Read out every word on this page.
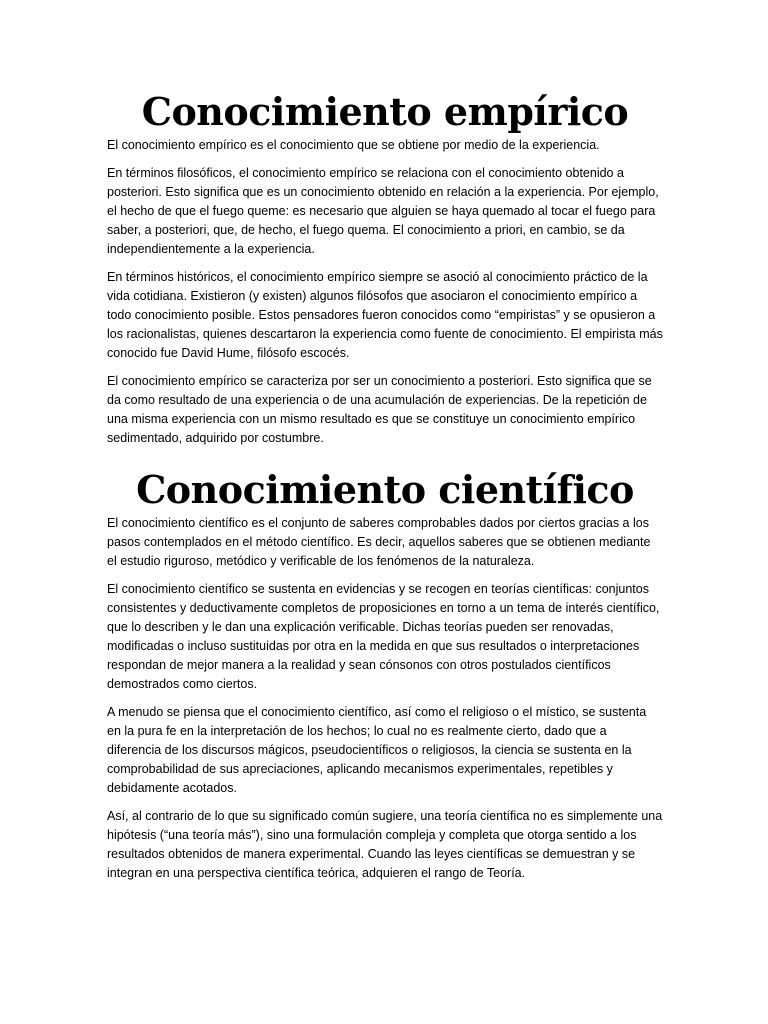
Conocimiento empírico

El conocimiento empírico es el conocimiento que se obtiene por medio de la experiencia.

En términos filosóficos, el conocimiento empírico se relaciona con el conocimiento obtenido a posteriori. Esto significa que es un conocimiento obtenido en relación a la experiencia. Por ejemplo, el hecho de que el fuego queme: es necesario que alguien se haya quemado al tocar el fuego para saber, a posteriori, que, de hecho, el fuego quema. El conocimiento a priori, en cambio, se da independientemente a la experiencia.

En términos históricos, el conocimiento empírico siempre se asoció al conocimiento práctico de la vida cotidiana. Existieron (y existen) algunos filósofos que asociaron el conocimiento empírico a todo conocimiento posible. Estos pensadores fueron conocidos como “empiristas” y se opusieron a los racionalistas, quienes descartaron la experiencia como fuente de conocimiento. El empirista más conocido fue David Hume, filósofo escocés.

El conocimiento empírico se caracteriza por ser un conocimiento a posteriori. Esto significa que se da como resultado de una experiencia o de una acumulación de experiencias. De la repetición de una misma experiencia con un mismo resultado es que se constituye un conocimiento empírico sedimentado, adquirido por costumbre.

Conocimiento científico

El conocimiento científico es el conjunto de saberes comprobables dados por ciertos gracias a los pasos contemplados en el método científico. Es decir, aquellos saberes que se obtienen mediante el estudio riguroso, metódico y verificable de los fenómenos de la naturaleza.

El conocimiento científico se sustenta en evidencias y se recogen en teorías científicas: conjuntos consistentes y deductivamente completos de proposiciones en torno a un tema de interés científico, que lo describen y le dan una explicación verificable. Dichas teorías pueden ser renovadas, modificadas o incluso sustituidas por otra en la medida en que sus resultados o interpretaciones respondan de mejor manera a la realidad y sean cónsonos con otros postulados científicos demostrados como ciertos.

A menudo se piensa que el conocimiento científico, así como el religioso o el místico, se sustenta en la pura fe en la interpretación de los hechos; lo cual no es realmente cierto, dado que a diferencia de los discursos mágicos, pseudocientíficos o religiosos, la ciencia se sustenta en la comprobabilidad de sus apreciaciones, aplicando mecanismos experimentales, repetibles y debidamente acotados.

Así, al contrario de lo que su significado común sugiere, una teoría científica no es simplemente una hipótesis (“una teoría más”), sino una formulación compleja y completa que otorga sentido a los resultados obtenidos de manera experimental. Cuando las leyes científicas se demuestran y se integran en una perspectiva científica teórica, adquieren el rango de Teoría.
